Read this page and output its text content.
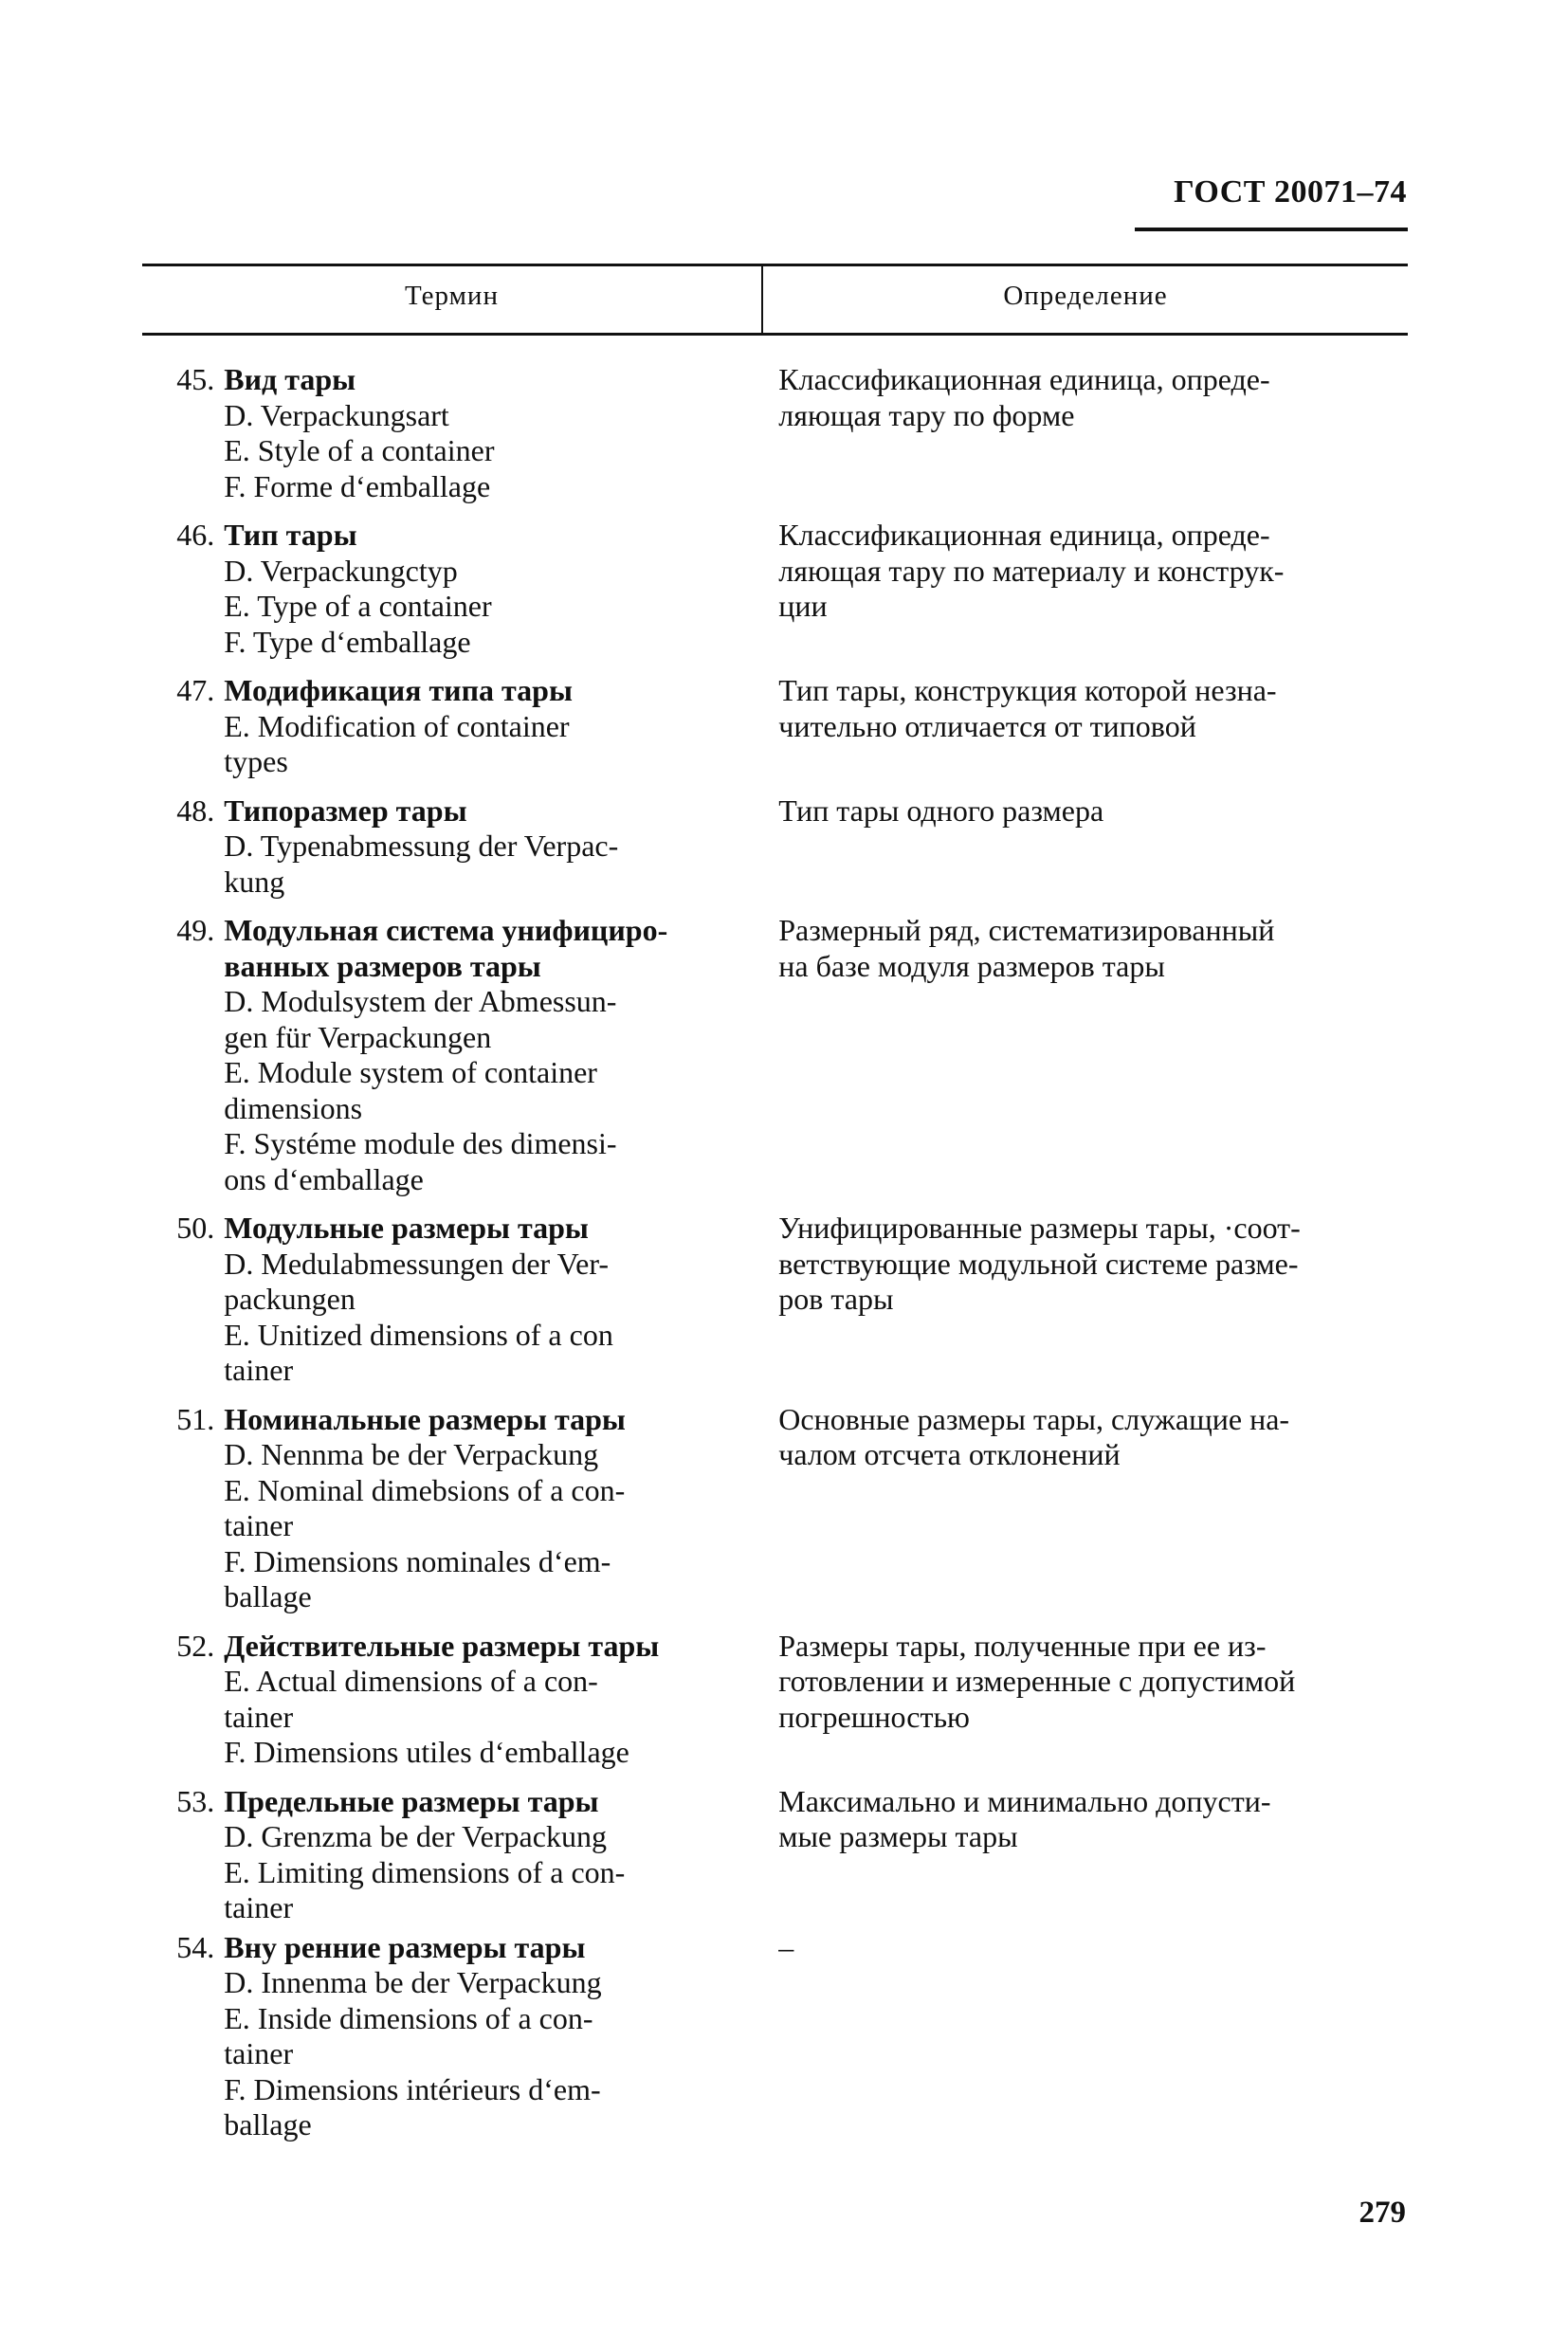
ГОСТ 20071–74
Термин	Определение
45. Вид тары
D. Verpackungsart
E. Style of a container
F. Forme d‘emballage
Классификационная единица, опреде-
ляющая тару по форме
46. Тип тары
D. Verpackungctyp
E. Type of a container
F. Type d‘emballage
Классификационная единица, опреде-
ляющая тару по материалу и конструк-
ции
47. Модификация типа тары
E. Modification of container
types
Тип тары, конструкция которой незна-
чительно отличается от типовой
48. Типоразмер тары
D. Typenabmessung der Verpac-
kung
Тип тары одного размера
49. Модульная система унифициро-
ванных размеров тары
D. Modulsystem der Abmessun-
gen für Verpackungen
E. Module system of container
dimensions
F. Systéme module des dimensi-
ons d‘emballage
Размерный ряд, систематизированный
на базе модуля размеров тары
50. Модульные размеры тары
D. Medulabmessungen der Ver-
packungen
E. Unitized dimensions of a con
tainer
Унифицированные размеры тары, ·соот-
ветствующие модульной системе разме-
ров тары
51. Номинальные размеры тары
D. Nennma be der Verpackung
E. Nominal dimebsions of a con-
tainer
F. Dimensions nominales d‘em-
ballage
Основные размеры тары, служащие на-
чалом отсчета отклонений
52. Действительные размеры тары
E. Actual dimensions of a con-
tainer
F. Dimensions utiles d‘emballage
Размеры тары, полученные при ее из-
готовлении и измеренные с допустимой
погрешностью
53. Предельные размеры тары
D. Grenzma be der Verpackung
E. Limiting dimensions of a con-
tainer
Максимально и минимально допусти-
мые размеры тары
54. Вну ренние размеры тары
D. Innenma be der Verpackung
E. Inside dimensions of a con-
tainer
F. Dimensions intérieurs d‘em-
ballage
–
279
